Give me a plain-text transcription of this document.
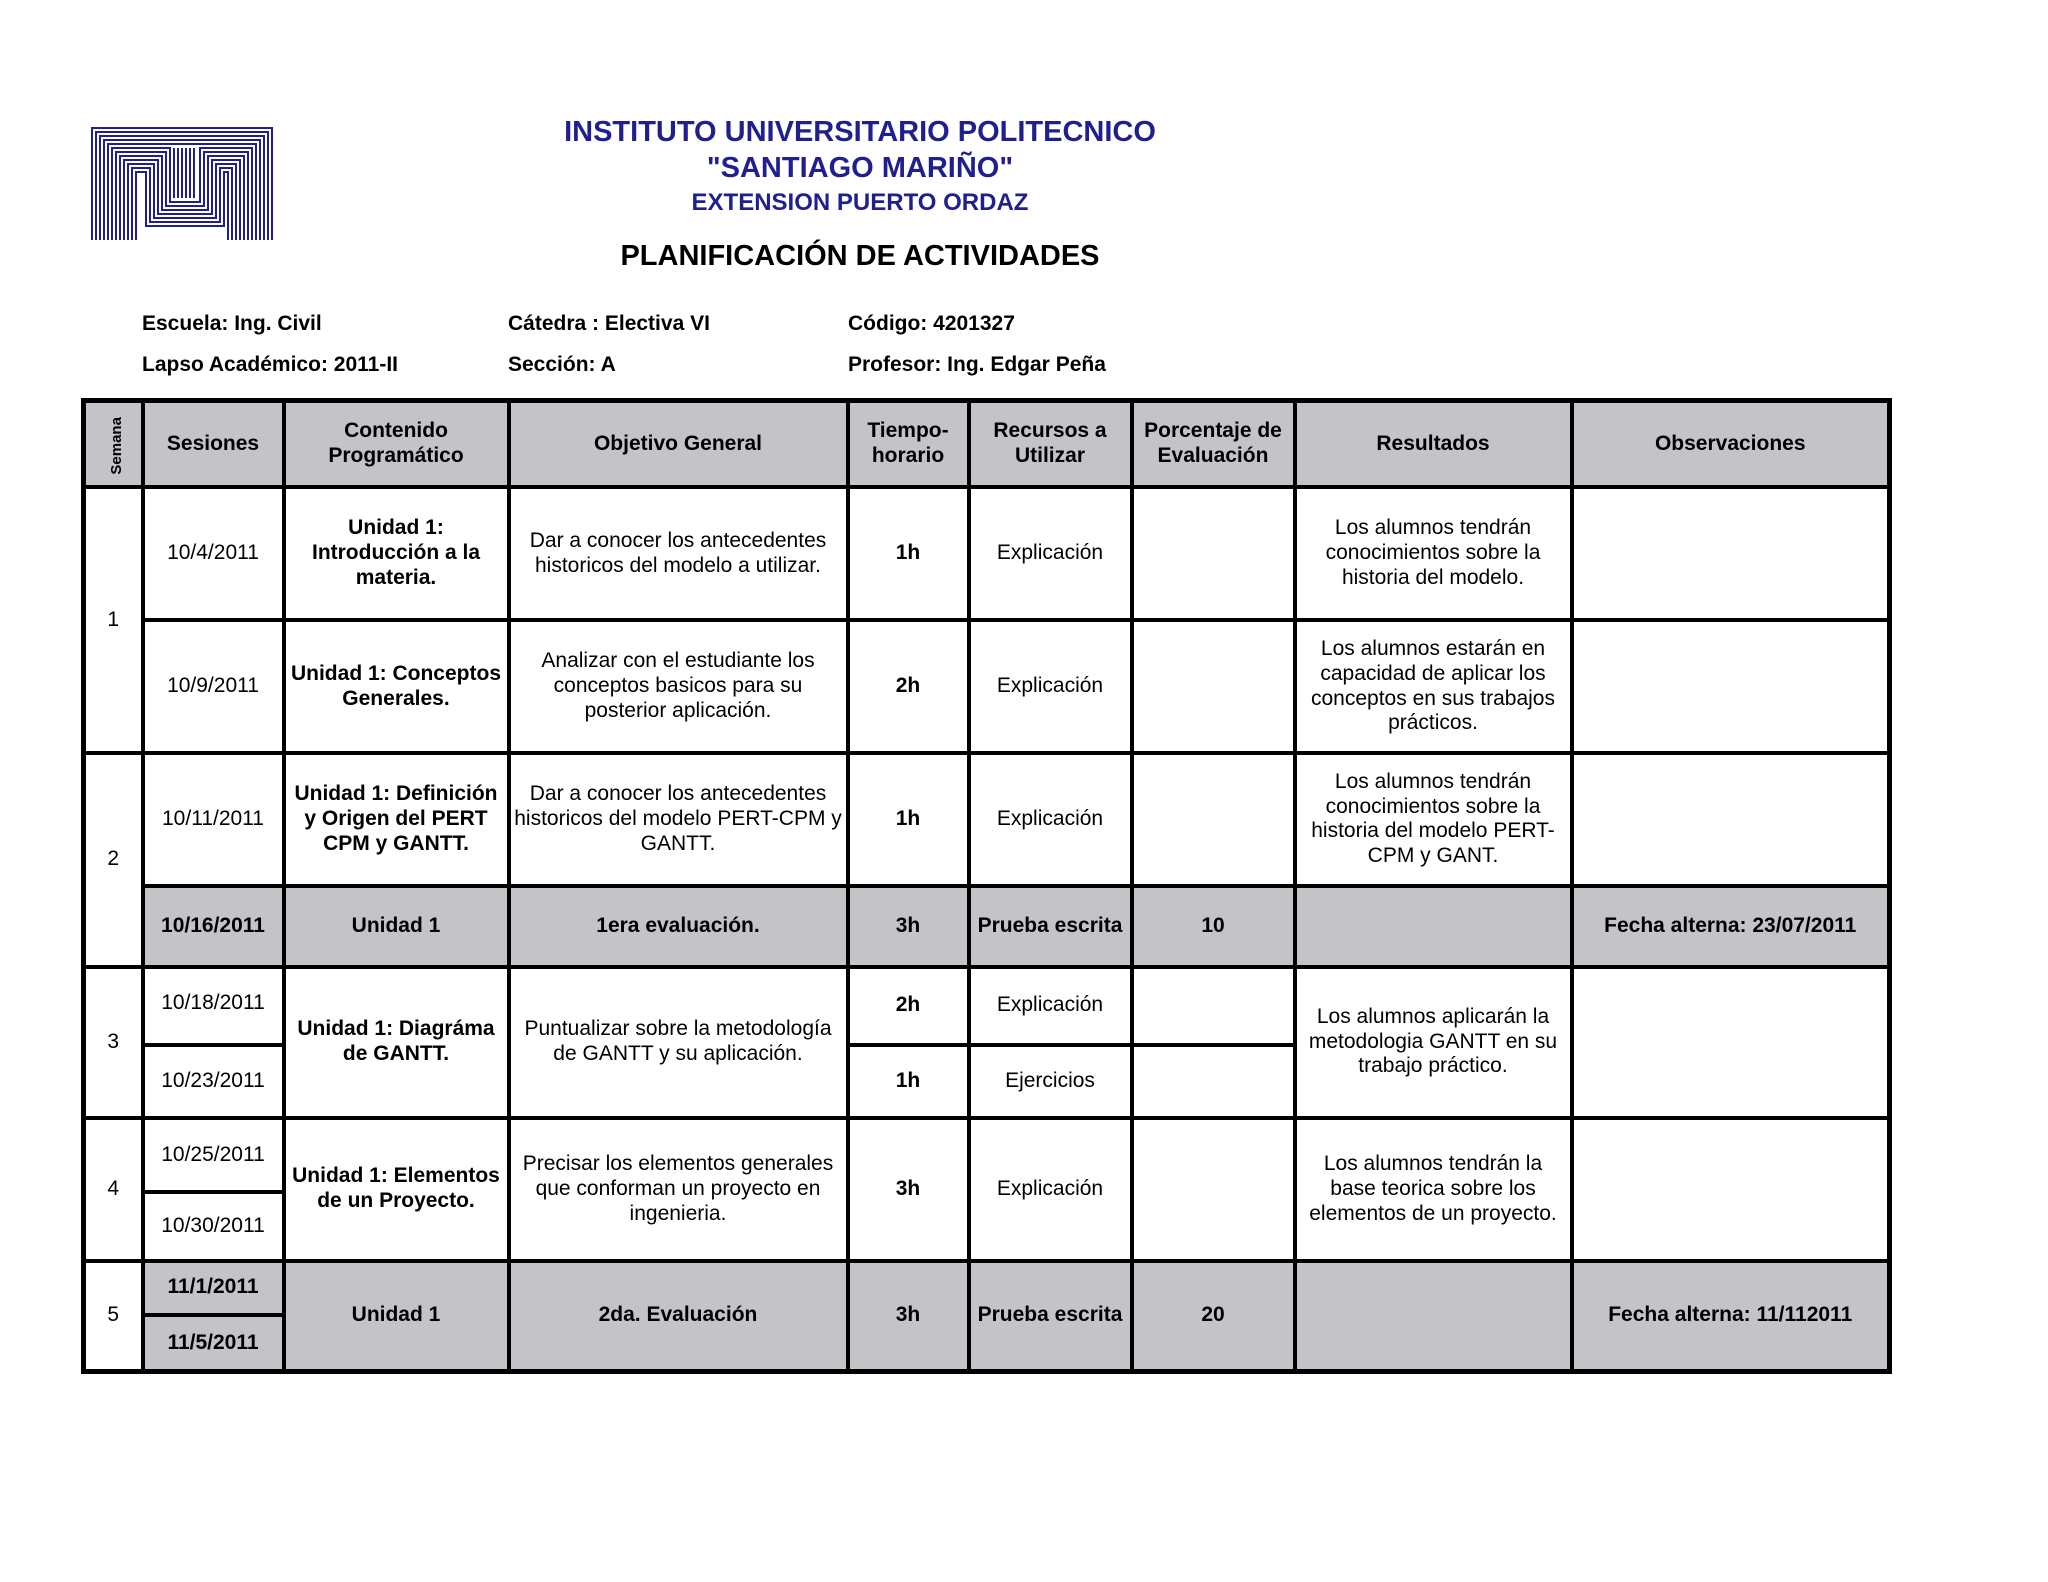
INSTITUTO UNIVERSITARIO POLITECNICO
"SANTIAGO MARIÑO"
EXTENSION PUERTO ORDAZ
PLANIFICACIÓN DE ACTIVIDADES
Escuela: Ing. Civil
Lapso Académico: 2011-II
Cátedra : Electiva VI
Sección: A
Código: 4201327
Profesor: Ing. Edgar Peña
Semana	Sesiones	Contenido Programático	Objetivo General	Tiempo-horario	Recursos a Utilizar	Porcentaje de Evaluación	Resultados	Observaciones
1	10/4/2011	Unidad 1: Introducción a la materia.	Dar a conocer los antecedentes historicos del modelo a utilizar.	1h	Explicación		Los alumnos tendrán conocimientos sobre la historia del modelo.	
	10/9/2011	Unidad 1: Conceptos Generales.	Analizar con el estudiante los conceptos basicos para su posterior aplicación.	2h	Explicación		Los alumnos estarán en capacidad de aplicar los conceptos en sus trabajos prácticos.	
2	10/11/2011	Unidad 1: Definición y Origen del PERT CPM y GANTT.	Dar a conocer los antecedentes historicos del modelo PERT-CPM y GANTT.	1h	Explicación		Los alumnos tendrán conocimientos sobre la historia del modelo PERT-CPM y GANT.	
	10/16/2011	Unidad 1	1era evaluación.	3h	Prueba escrita	10		Fecha alterna: 23/07/2011
3	10/18/2011	Unidad 1: Diagráma de GANTT.	Puntualizar sobre la metodología de GANTT y su aplicación.	2h	Explicación		Los alumnos aplicarán la metodologia GANTT en su trabajo práctico.	
	10/23/2011			1h	Ejercicios			
4	10/25/2011	Unidad 1: Elementos de un Proyecto.	Precisar los elementos generales que conforman un proyecto en ingenieria.	3h	Explicación		Los alumnos tendrán la base teorica sobre los elementos de un proyecto.	
	10/30/2011							
5	11/1/2011	Unidad 1	2da. Evaluación	3h	Prueba escrita	20		Fecha alterna: 11/112011
	11/5/2011							
